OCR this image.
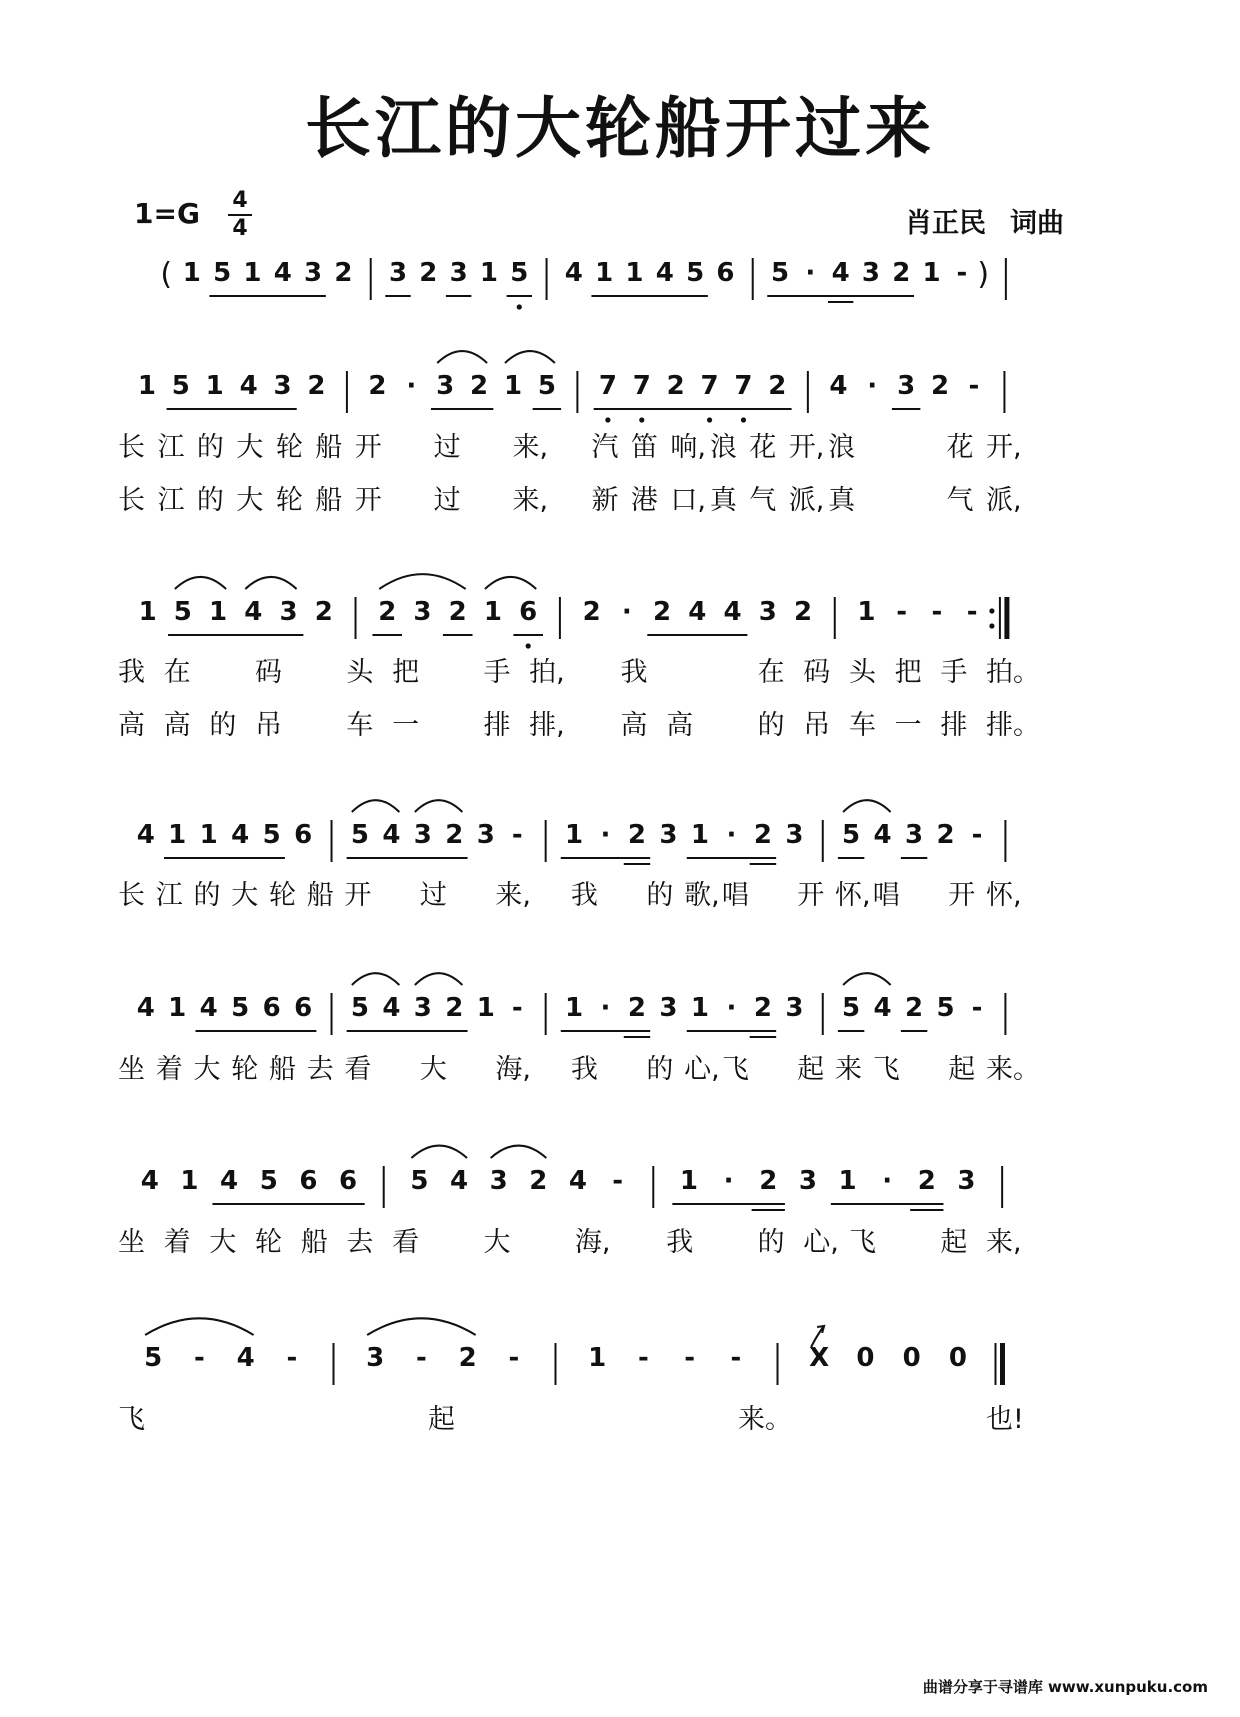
长江的大轮船开过来
1=G 4
4	肖正民 词曲
( 1 5 1 4 3 2 3 2 3 1 5 4 1 1 4 5 6 5 · 4 3 2 1 - )
1 5 1 4 3 2 2 · 3 2 1 5 7 7 2 7 7 2 4 · 3 2 -
长 江 的 大 轮 船 开	过	来, 汽 笛 响, 浪 花 开, 浪	花 开,
长 江 的 大 轮 船 开	过	来, 新 港 口, 真 气 派, 真	气 派,
1 5 1 4 3 2 2 3 2 1 6 2 · 2 4 4 3 2 1 - - -
我 在	码	头 把	手 拍, 我	在 码 头 把 手 拍。
高 高 的 吊	车 一	排 排, 高 高	的 吊 车 一 排 排。
4 1 1 4 5 6 5 4 3 2 3 -	1 · 2 3 1 · 2 3 5 4 3 2 -
长 江 的 大 轮 船 开	过	来, 我	的 歌, 唱	开 怀, 唱	开 怀,
4 1 4 5 6 6 5 4 3 2 1 -	1 · 2 3 1 · 2 3 5 4 2 5 -
坐 着 大 轮 船 去 看	大	海, 我	的 心, 飞	起 来 飞	起 来。
4 1 4 5 6 6 5 4 3 2 4 -	1 · 2 3 1 · 2 3
坐 着 大 轮 船 去 看	大	海, 我	的 心, 飞	起 来,
5	-	4	-	3	-	2	-	1	-	-	-	X 0 0 0
飞	起	来。	也!
曲谱分享于寻谱库 www.xunpuku.com
